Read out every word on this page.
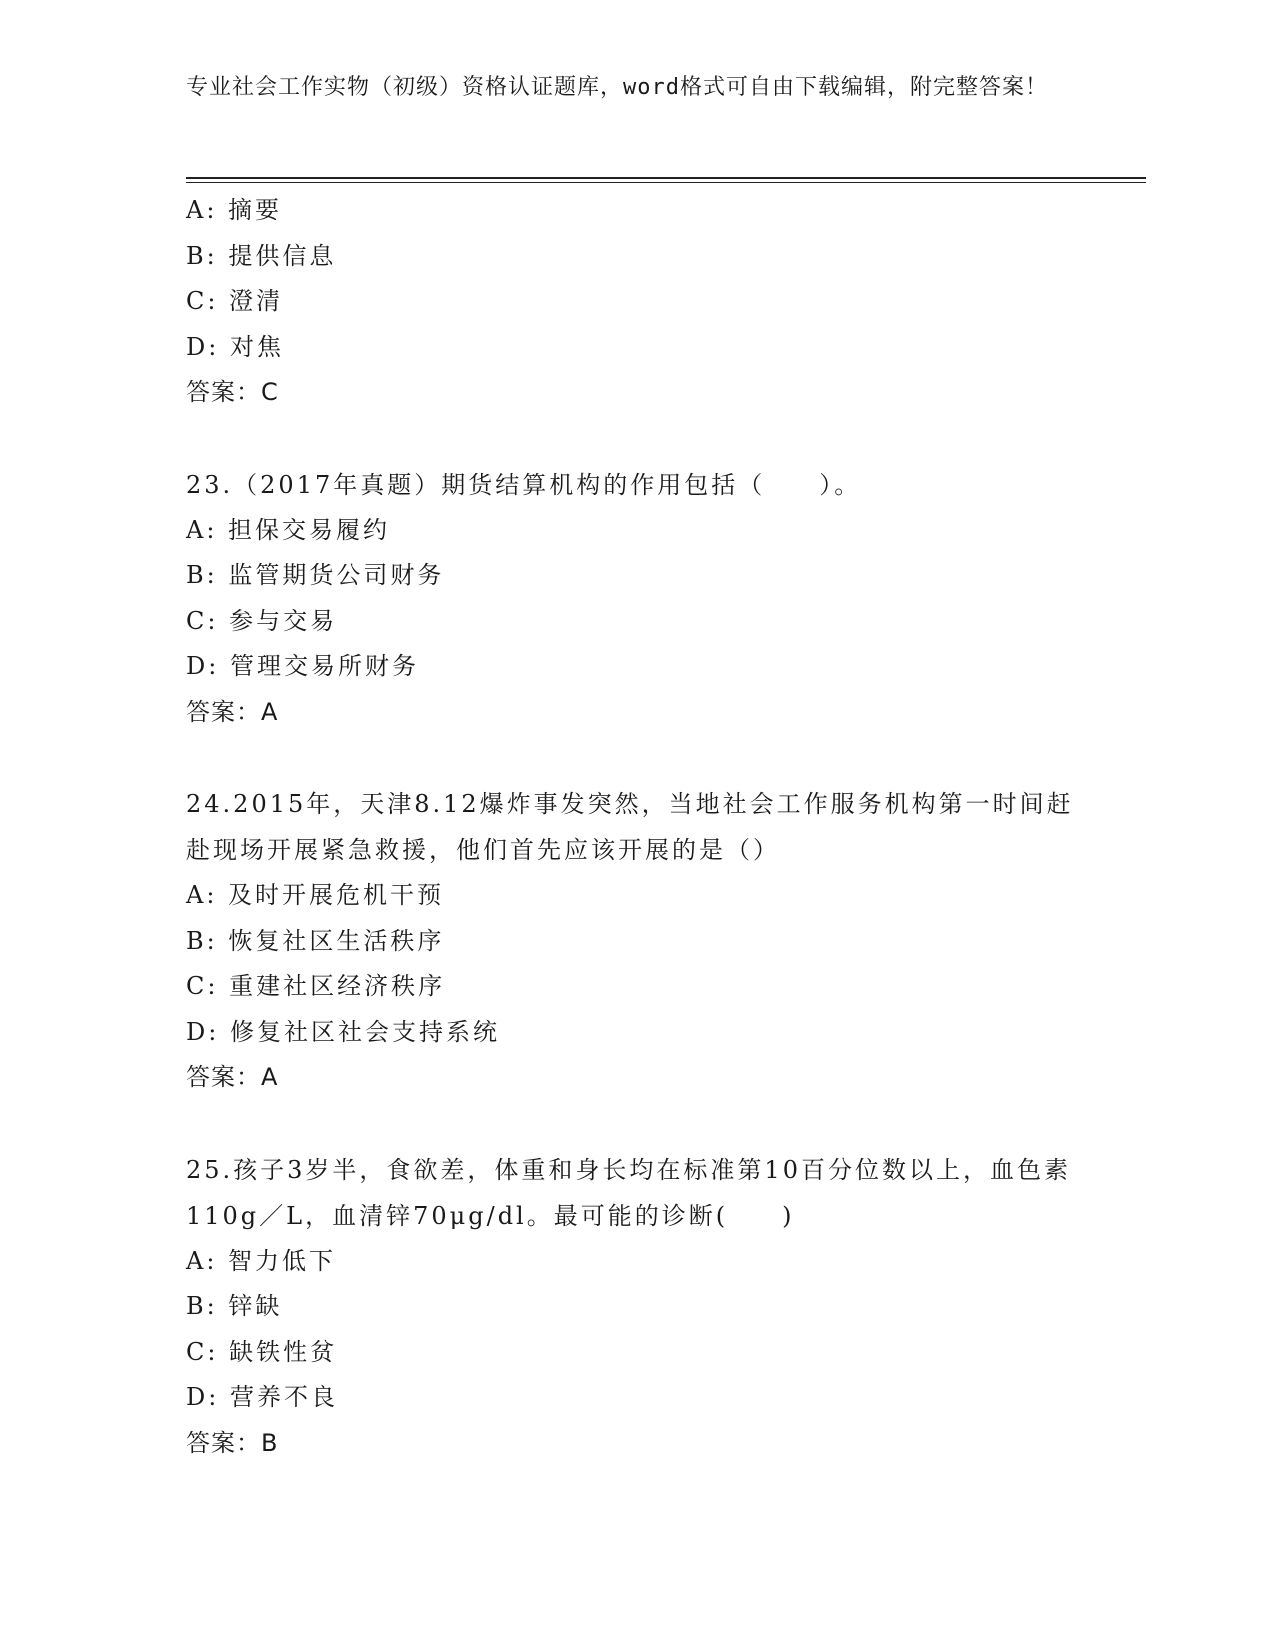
专业社会工作实物（初级）资格认证题库，word格式可自由下载编辑，附完整答案！
A: 摘要
B: 提供信息
C: 澄清
D: 对焦
答案：C
23.（2017年真题）期货结算机构的作用包括（　　）。
A: 担保交易履约
B: 监管期货公司财务
C: 参与交易
D: 管理交易所财务
答案：A
24.2015年，天津8.12爆炸事发突然，当地社会工作服务机构第一时间赶赴现场开展紧急救援，他们首先应该开展的是（）
A: 及时开展危机干预
B: 恢复社区生活秩序
C: 重建社区经济秩序
D: 修复社区社会支持系统
答案：A
25.孩子3岁半，食欲差，体重和身长均在标准第10百分位数以上，血色素110g／L，血清锌70μg/dl。最可能的诊断(　　)
A: 智力低下
B: 锌缺
C: 缺铁性贫
D: 营养不良
答案：B
